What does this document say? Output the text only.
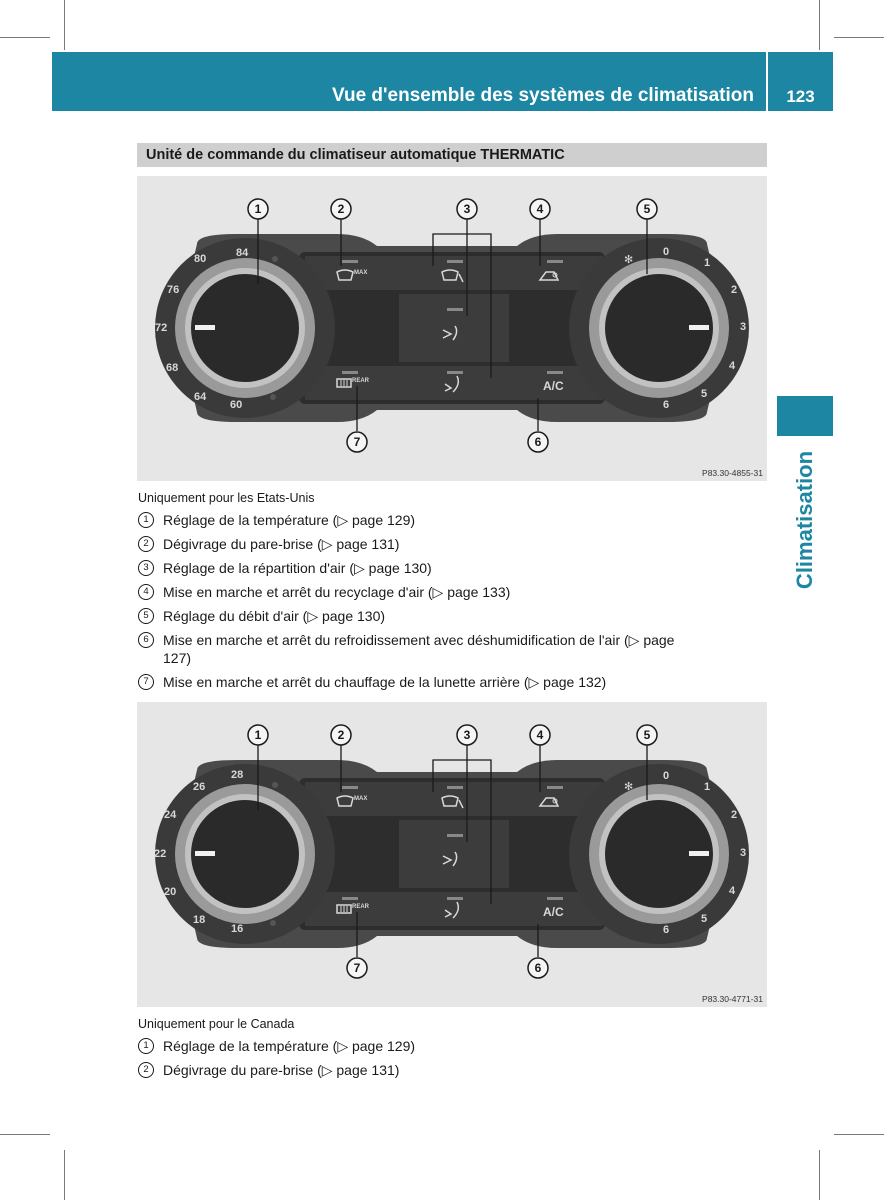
Vue d'ensemble des systèmes de climatisation	123
Climatisation
Unité de commande du climatiseur automatique THERMATIC
84
80
76
72
68
64
60
0
1
2
3
4
5
6
✻
MAX
REAR	A/C
1	2	3	4	5
7	6
P83.30-4855-31
Uniquement pour les Etats-Unis
1	Réglage de la température (▷ page 129)
2	Dégivrage du pare-brise (▷ page 131)
3	Réglage de la répartition d'air (▷ page 130)
4	Mise en marche et arrêt du recyclage d'air (▷ page 133)
5	Réglage du débit d'air (▷ page 130)
6	Mise en marche et arrêt du refroidissement avec déshumidification de l'air (▷ page 127)
7	Mise en marche et arrêt du chauffage de la lunette arrière (▷ page 132)
28
26
24
22
20
18
16
0
1
2
3
4
5
6
✻
MAX
REAR	A/C
1	2	3	4	5
7	6
P83.30-4771-31
Uniquement pour le Canada
1	Réglage de la température (▷ page 129)
2	Dégivrage du pare-brise (▷ page 131)
